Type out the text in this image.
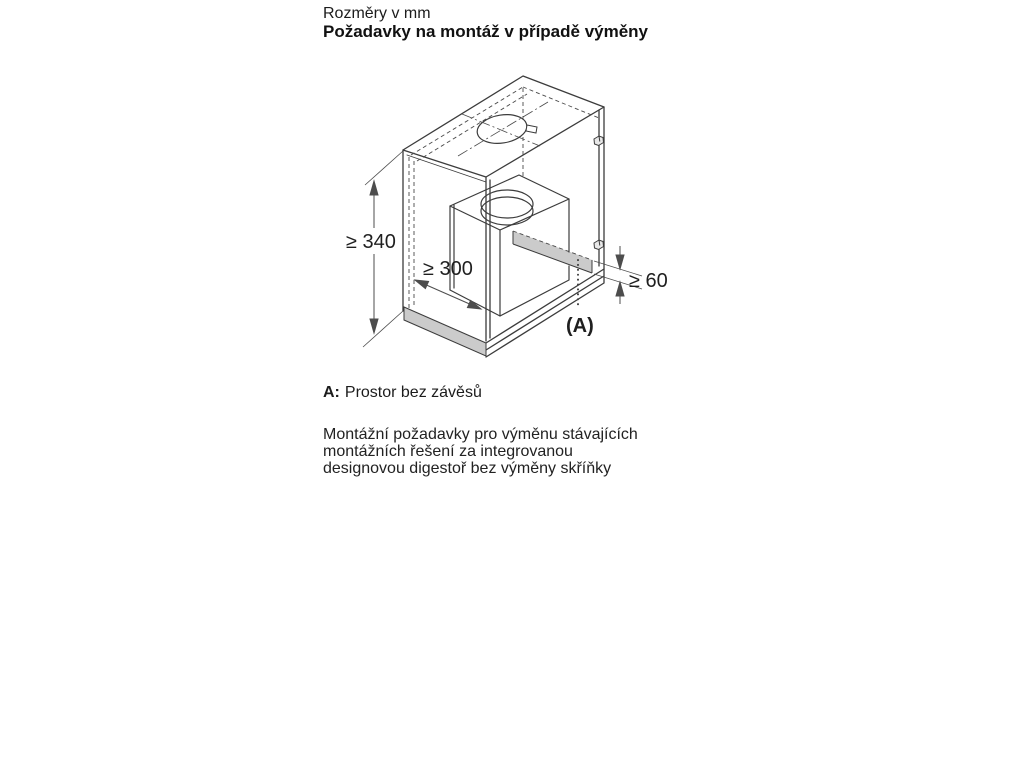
Rozměry v mm
Požadavky na montáž v případě výměny
≥ 340
≥ 300
≥ 60
(A)
A: Prostor bez závěsů
Montážní požadavky pro výměnu stávajících
montážních řešení za integrovanou
designovou digestoř bez výměny skříňky
